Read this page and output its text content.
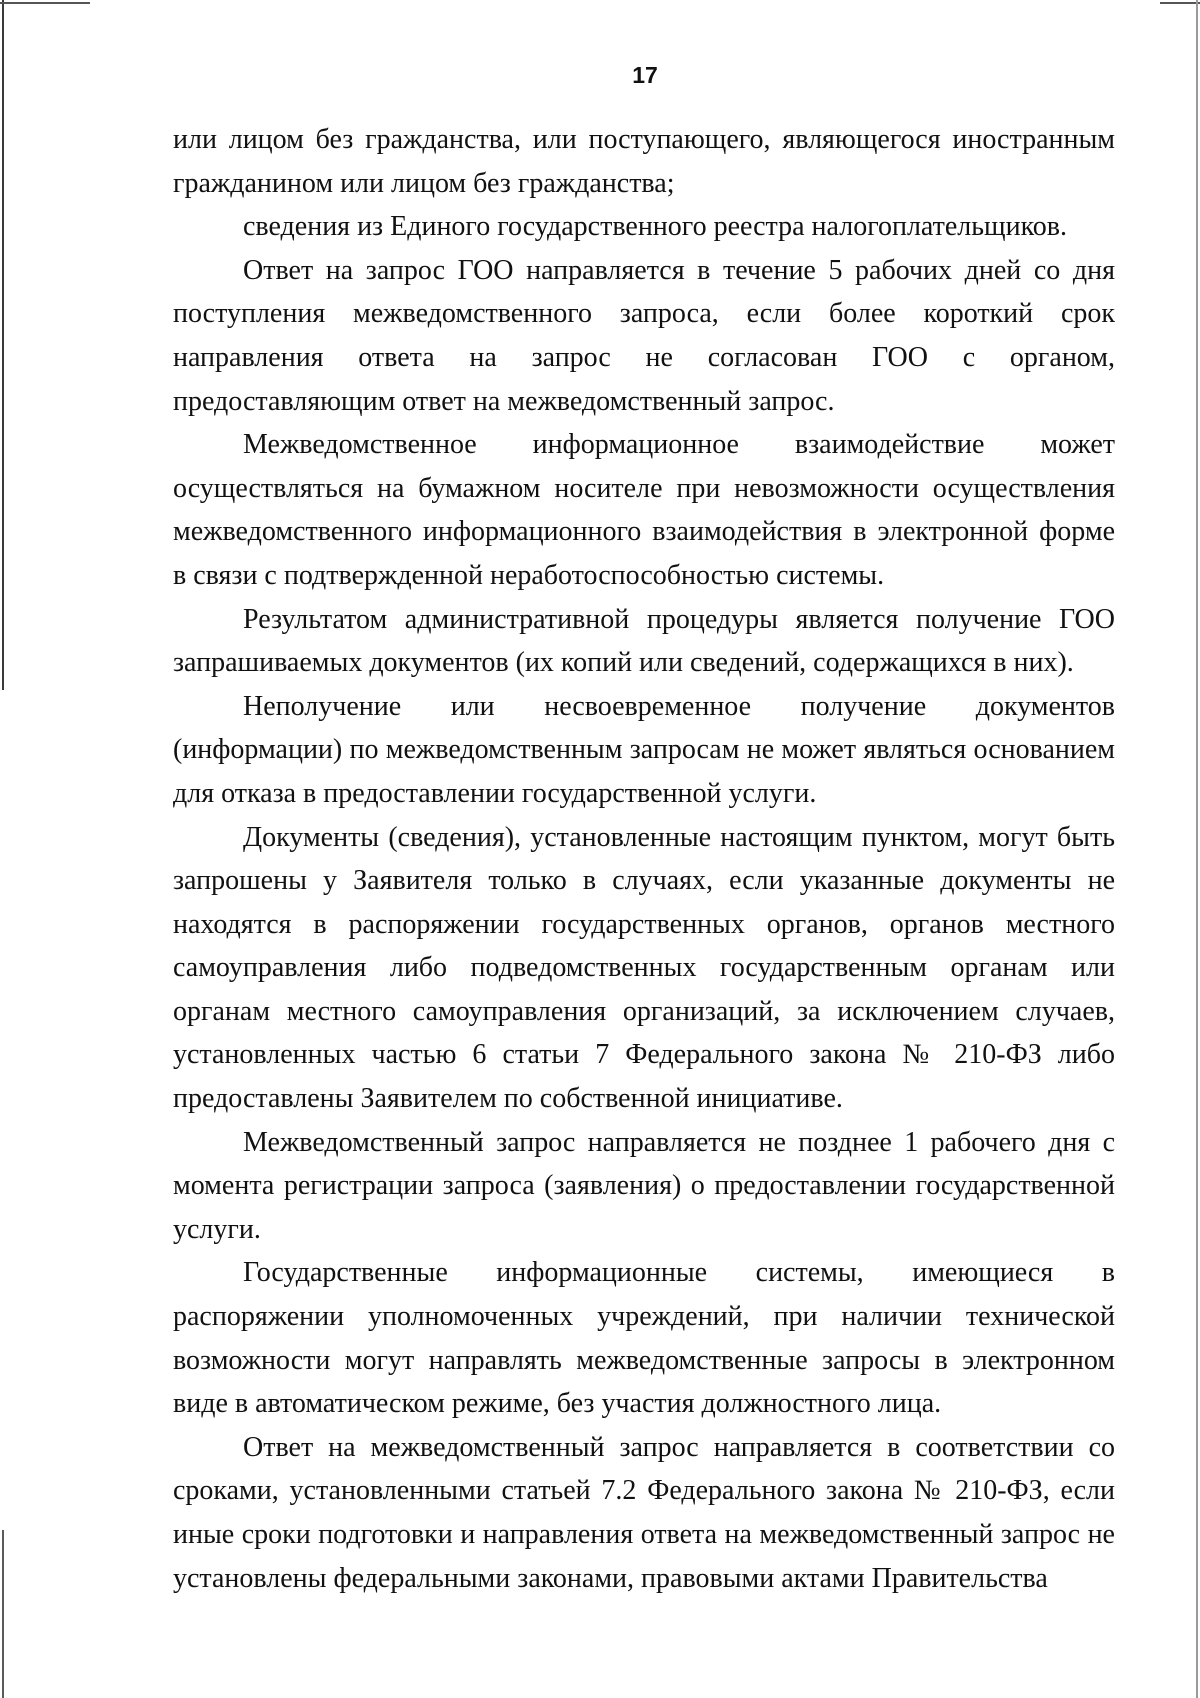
17

или лицом без гражданства, или поступающего, являющегося иностранным гражданином или лицом без гражданства;

сведения из Единого государственного реестра налогоплательщиков.

Ответ на запрос ГОО направляется в течение 5 рабочих дней со дня поступления межведомственного запроса, если более короткий срок направления ответа на запрос не согласован ГОО с органом, предоставляющим ответ на межведомственный запрос.

Межведомственное информационное взаимодействие может осуществляться на бумажном носителе при невозможности осуществления межведомственного информационного взаимодействия в электронной форме в связи с подтвержденной неработоспособностью системы.

Результатом административной процедуры является получение ГОО запрашиваемых документов (их копий или сведений, содержащихся в них).

Неполучение или несвоевременное получение документов (информации) по межведомственным запросам не может являться основанием для отказа в предоставлении государственной услуги.

Документы (сведения), установленные настоящим пунктом, могут быть запрошены у Заявителя только в случаях, если указанные документы не находятся в распоряжении государственных органов, органов местного самоуправления либо подведомственных государственным органам или органам местного самоуправления организаций, за исключением случаев, установленных частью 6 статьи 7 Федерального закона № 210-ФЗ либо предоставлены Заявителем по собственной инициативе.

Межведомственный запрос направляется не позднее 1 рабочего дня с момента регистрации запроса (заявления) о предоставлении государственной услуги.

Государственные информационные системы, имеющиеся в распоряжении уполномоченных учреждений, при наличии технической возможности могут направлять межведомственные запросы в электронном виде в автоматическом режиме, без участия должностного лица.

Ответ на межведомственный запрос направляется в соответствии со сроками, установленными статьей 7.2 Федерального закона № 210-ФЗ, если иные сроки подготовки и направления ответа на межведомственный запрос не установлены федеральными законами, правовыми актами Правительства
